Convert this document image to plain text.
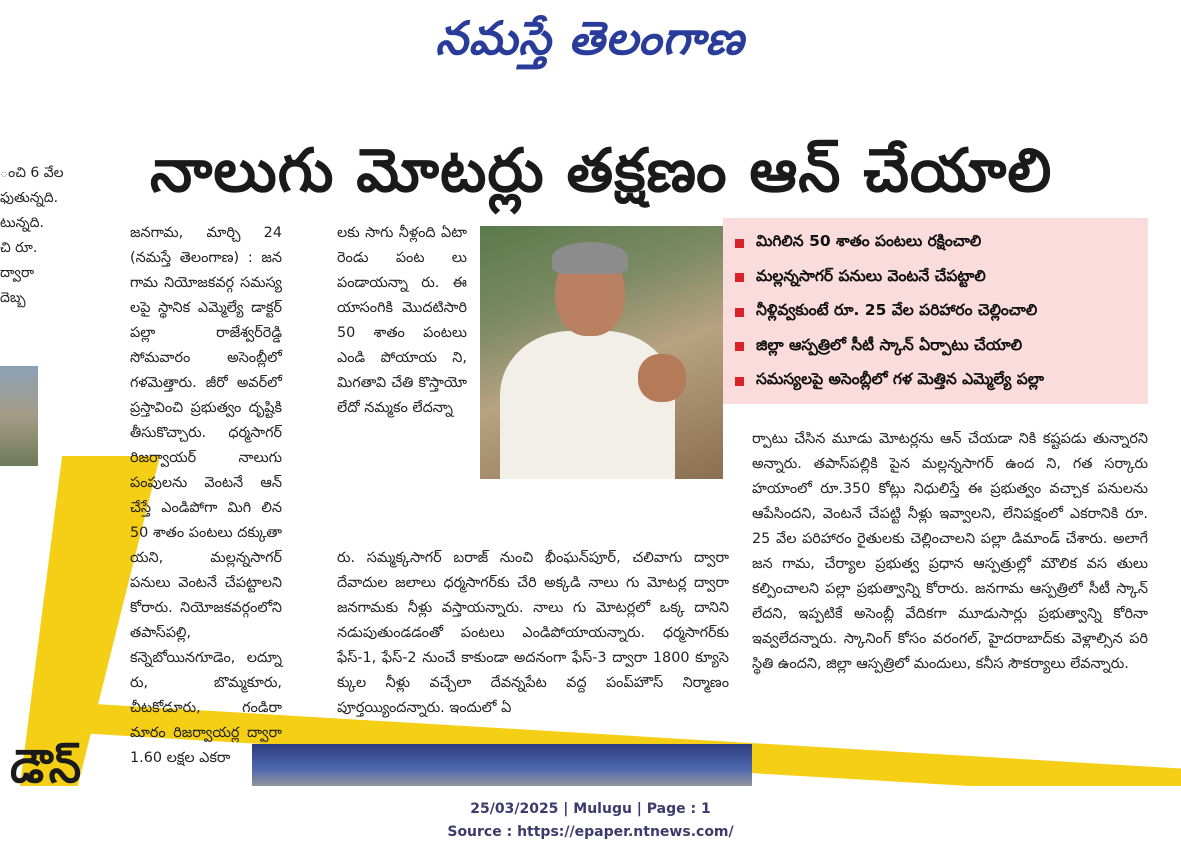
నమస్తే తెలంగాణ
ంచి 6 వేల
ఫుతున్నది.
టున్నది.
చి రూ.
ద్వారా
దెబ్బ
నాలుగు మోటర్లు తక్షణం ఆన్ చేయాలి
జనగామ, మార్చి 24 (నమస్తే తెలంగాణ) : జన గామ నియోజకవర్గ సమస్య లపై స్థానిక ఎమ్మెల్యే డాక్టర్ పల్లా రాజేశ్వర్‌రెడ్డి సోమవారం అసెంబ్లీలో గళమెత్తారు. జీరో అవర్‌లో ప్రస్తావించి ప్రభుత్వం దృష్టికి తీసుకొచ్చారు. ధర్మసాగర్ రిజర్వాయర్ నాలుగు పంపులను వెంటనే ఆన్ చేస్తే ఎండిపోగా మిగి లిన 50 శాతం పంటలు దక్కుతా యని, మల్లన్నసాగర్ పనులు వెంటనే చేపట్టాలని కోరారు. నియోజకవర్గంలోని తపాస్‌పల్లి, కన్నెబోయినగూడెం, లద్నూ రు, బొమ్మకూరు, చీటకోడూరు, గండిరా మారం రిజర్వాయర్ల ద్వారా 1.60 లక్షల ఎకరా
లకు సాగు నీళ్లంది ఏటా రెండు పంట లు పండాయన్నా రు. ఈ యాసంగికి మొదటిసారి 50 శాతం పంటలు ఎండి పోయాయ ని, మిగతావి చేతి కొస్తాయో లేదో నమ్మకం లేదన్నా
రు. సమ్మక్కసాగర్ బరాజ్ నుంచి భీంఘన్‌పూర్, చలివాగు ద్వారా దేవాదుల జలాలు ధర్మసాగర్‌కు చేరి అక్కడి నాలు గు మోటర్ల ద్వారా జనగామకు నీళ్లు వస్తాయన్నారు. నాలు గు మోటర్లలో ఒక్క దానిని నడుపుతుండడంతో పంటలు ఎండిపోయాయన్నారు. ధర్మసాగర్‌కు ఫేస్-1, ఫేస్-2 నుంచే కాకుండా అదనంగా ఫేస్-3 ద్వారా 1800 క్యూసె క్కుల నీళ్లు వచ్చేలా దేవన్నపేట వద్ద పంప్‌హౌస్ నిర్మాణం పూర్తయ్యిందన్నారు. ఇందులో ఏ
ర్పాటు చేసిన మూడు మోటర్లను ఆన్ చేయడా నికి కష్టపడు తున్నారని అన్నారు. తపాస్‌పల్లికి పైన మల్లన్నసాగర్ ఉంద ని, గత సర్కారు హయాంలో రూ.350 కోట్లు నిధులిస్తే ఈ ప్రభుత్వం వచ్చాక పనులను ఆపేసిందని, వెంటనే చేపట్టి నీళ్లు ఇవ్వాలని, లేనిపక్షంలో ఎకరానికి రూ. 25 వేల పరిహారం రైతులకు చెల్లించాలని పల్లా డిమాండ్ చేశారు. అలాగే జన గామ, చేర్యాల ప్రభుత్వ ప్రధాన ఆస్పత్రుల్లో మౌలిక వస తులు కల్పించాలని పల్లా ప్రభుత్వాన్ని కోరారు. జనగామ ఆస్పత్రిలో సీటీ స్కాన్ లేదని, ఇప్పటికే అసెంబ్లీ వేదికగా మూడుసార్లు ప్రభుత్వాన్ని కోరినా ఇవ్వలేదన్నారు. స్కానింగ్ కోసం వరంగల్, హైదరాబాద్‌కు వెళ్లాల్సిన పరి స్థితి ఉందని, జిల్లా ఆస్పత్రిలో మందులు, కనీస సౌకర్యాలు లేవన్నారు.
మిగిలిన 50 శాతం పంటలు రక్షించాలి
మల్లన్నసాగర్ పనులు వెంటనే చేపట్టాలి
నీళ్లివ్వకుంటే రూ. 25 వేల పరిహారం చెల్లించాలి
జిల్లా ఆస్పత్రిలో సీటీ స్కాన్ ఏర్పాటు చేయాలి
సమస్యలపై అసెంబ్లీలో గళ మెత్తిన ఎమ్మెల్యే పల్లా
డౌన్
25/03/2025 | Mulugu | Page : 1
Source : https://epaper.ntnews.com/
